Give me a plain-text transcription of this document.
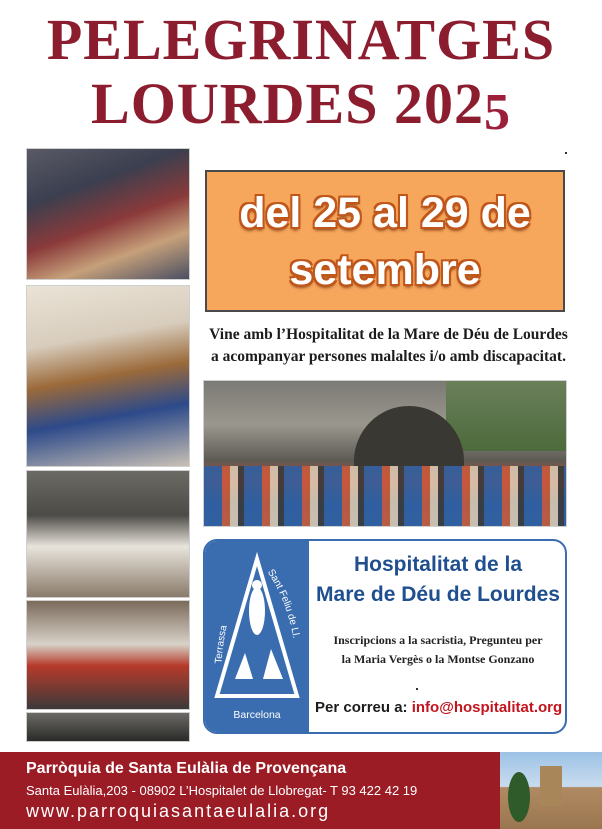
PELEGRINATGES
LOURDES 2025
del 25 al 29 de
setembre
Vine amb l’Hospitalitat de la Mare de Déu de Lourdes
a acompanyar persones malaltes i/o amb discapacitat.
Terrassa
Sant Feliu de Ll.
Barcelona
Hospitalitat de la
Mare de Déu de Lourdes
Inscripcions a la sacristia, Pregunteu per
la Maria Vergès o la Montse Gonzano
Per correu a: info@hospitalitat.org
Parròquia de Santa Eulàlia de Provençana
Santa Eulàlia,203 - 08902 L’Hospitalet de Llobregat- T 93 422 42 19
www.parroquiasantaeulalia.org
